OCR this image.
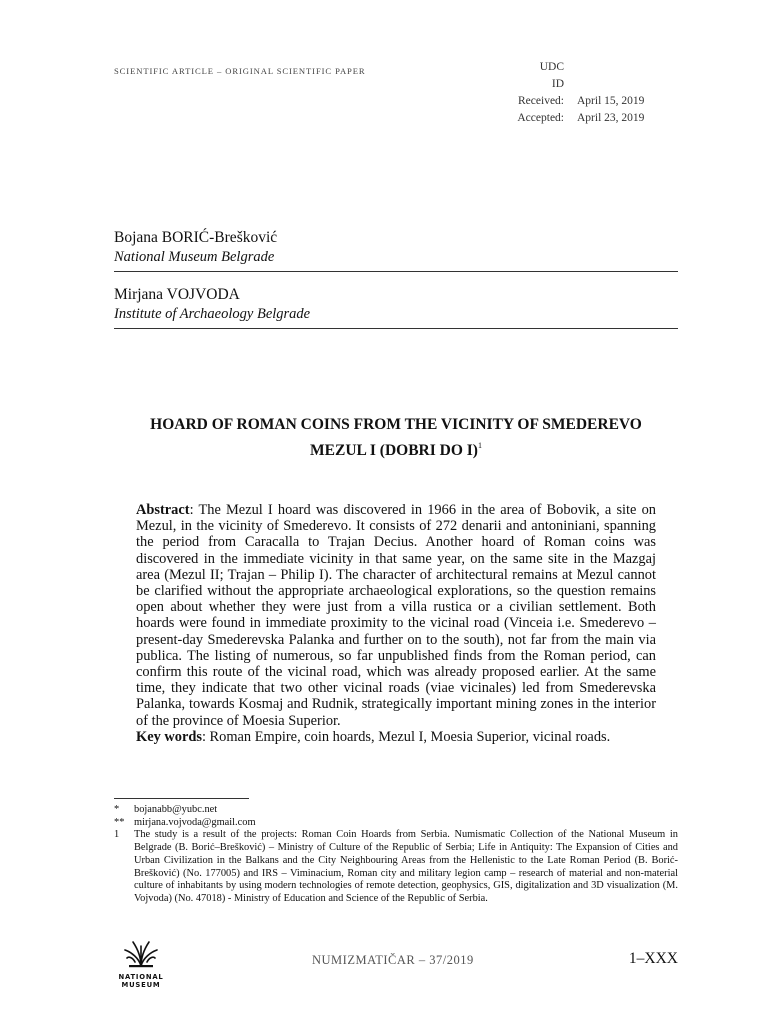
SCIENTIFIC ARTICLE – ORIGINAL SCIENTIFIC PAPER	UDC
ID
Received: April 15, 2019
Accepted: April 23, 2019
Bojana BORIĆ-Brešković
National Museum Belgrade
Mirjana VOJVODA
Institute of Archaeology Belgrade
HOARD OF ROMAN COINS FROM THE VICINITY OF SMEDEREVO
MEZUL I (DOBRI DO I)$^1$

Abstract: The Mezul I hoard was discovered in 1966 in the area of Bobovik, a site on Mezul, in the vicinity of Smederevo. It consists of 272 denarii and antoniniani, spanning the period from Caracalla to Trajan Decius. Another hoard of Roman coins was discovered in the immediate vicinity in that same year, on the same site in the Mazgaj area (Mezul II; Trajan – Philip I). The character of architectural remains at Mezul cannot be clarified without the appropriate archaeological explorations, so the question remains open about whether they were just from a villa rustica or a civilian settlement. Both hoards were found in immediate proximity to the vicinal road (Vinceia i.e. Smederevo – present-day Smederevska Palanka and further on to the south), not far from the main via publica. The listing of numerous, so far unpublished finds from the Roman period, can confirm this route of the vicinal road, which was already proposed earlier. At the same time, they indicate that two other vicinal roads (viae vicinales) led from Smederevska Palanka, towards Kosmaj and Rudnik, strategically important mining zones in the interior of the province of Moesia Superior.

Key words: Roman Empire, coin hoards, Mezul I, Moesia Superior, vicinal roads.

*	bojanabb@yubc.net
** mirjana.vojvoda@gmail.com
1	The study is a result of the projects: Roman Coin Hoards from Serbia. Numismatic Collection of the National Museum in Belgrade (B. Borić–Brešković) – Ministry of Culture of the Republic of Serbia; Life in Antiquity: The Expansion of Cities and Urban Civilization in the Balkans and the City Neighbouring Areas from the Hellenistic to the Late Roman Period (B. Borić-Brešković) (No. 177005) and IRS – Viminacium, Roman city and military legion camp – research of material and non-material culture of inhabitants by using modern technologies of remote detection, geophysics, GIS, digitalization and 3D visualization (M. Vojvoda) (No. 47018) - Ministry of Education and Science of the Republic of Serbia.
NATIONAL
MUSEUM
NUMIZMATIČAR – 37/2019	1–XXX
